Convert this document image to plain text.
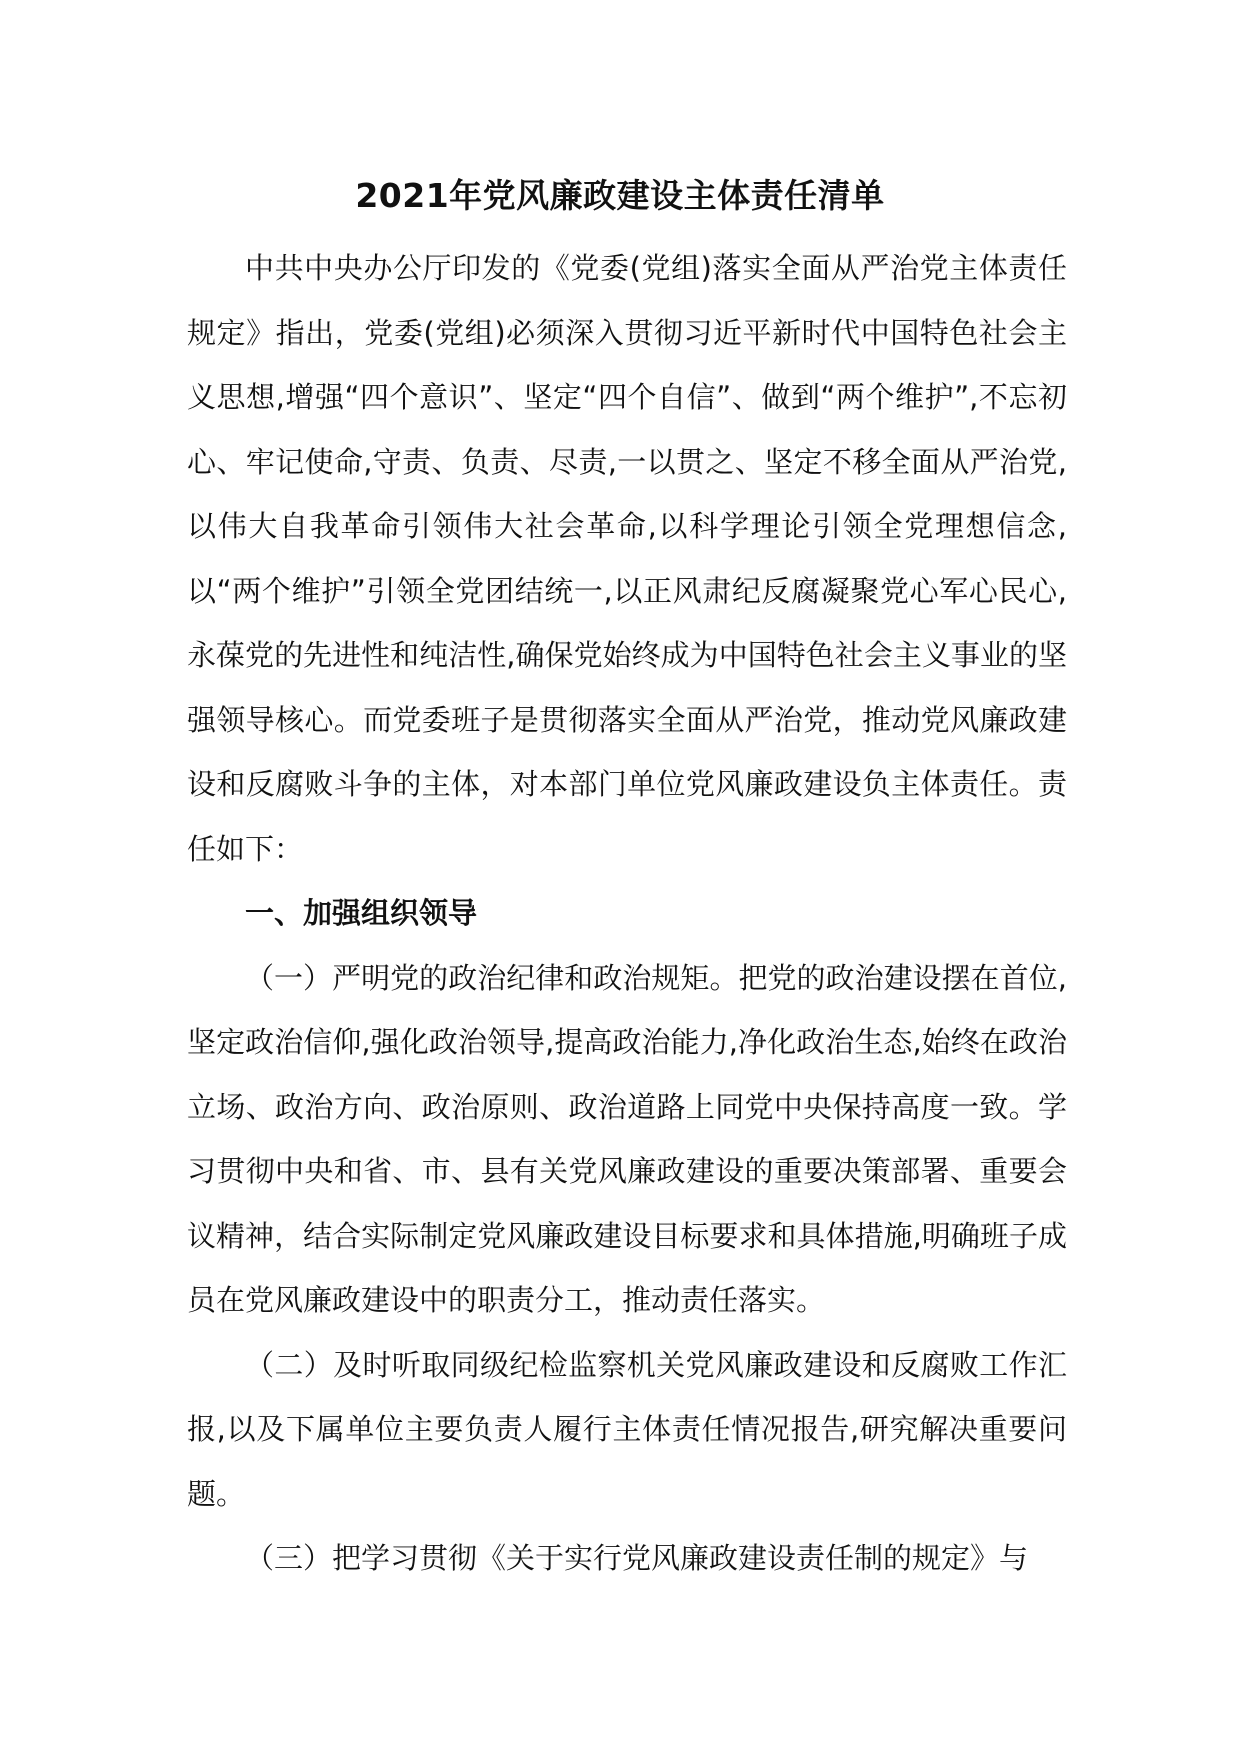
2021年党风廉政建设主体责任清单

中共中央办公厅印发的《党委(党组)落实全面从严治党主体责任规定》指出，党委(党组)必须深入贯彻习近平新时代中国特色社会主义思想,增强“四个意识”、坚定“四个自信”、做到“两个维护”,不忘初心、牢记使命,守责、负责、尽责,一以贯之、坚定不移全面从严治党,以伟大自我革命引领伟大社会革命,以科学理论引领全党理想信念,以“两个维护”引领全党团结统一,以正风肃纪反腐凝聚党心军心民心,永葆党的先进性和纯洁性,确保党始终成为中国特色社会主义事业的坚强领导核心。而党委班子是贯彻落实全面从严治党，推动党风廉政建设和反腐败斗争的主体，对本部门单位党风廉政建设负主体责任。责任如下：

一、加强组织领导

（一）严明党的政治纪律和政治规矩。把党的政治建设摆在首位,坚定政治信仰,强化政治领导,提高政治能力,净化政治生态,始终在政治立场、政治方向、政治原则、政治道路上同党中央保持高度一致。学习贯彻中央和省、市、县有关党风廉政建设的重要决策部署、重要会议精神，结合实际制定党风廉政建设目标要求和具体措施,明确班子成员在党风廉政建设中的职责分工，推动责任落实。

（二）及时听取同级纪检监察机关党风廉政建设和反腐败工作汇报,以及下属单位主要负责人履行主体责任情况报告,研究解决重要问题。

（三）把学习贯彻《关于实行党风廉政建设责任制的规定》与
